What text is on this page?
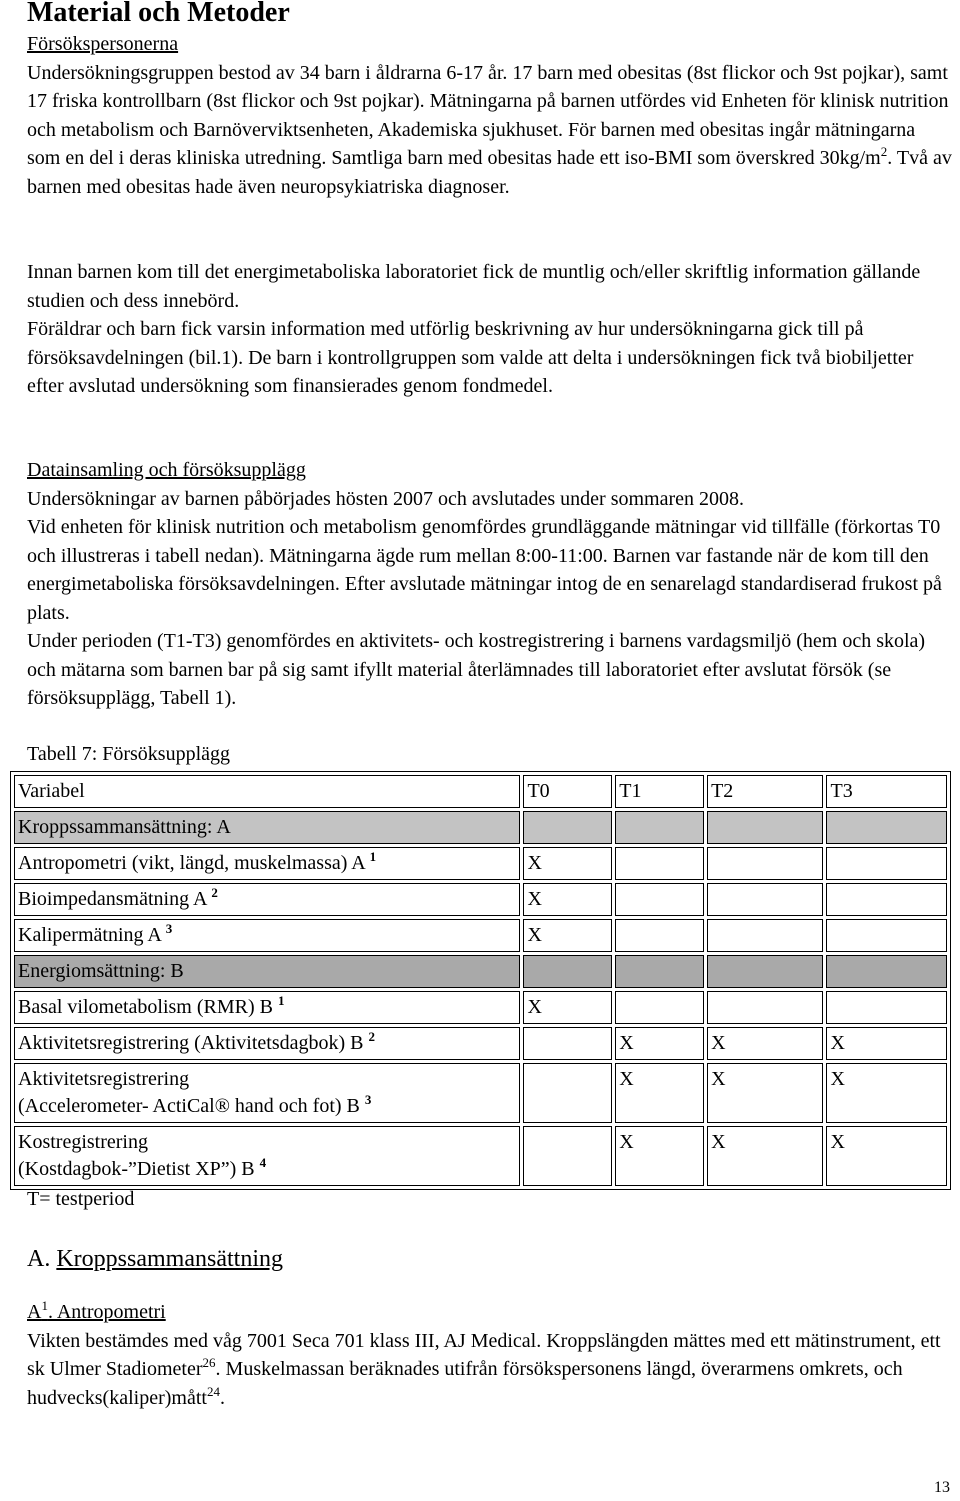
Material och Metoder
Försökspersonerna
Undersökningsgruppen bestod av 34 barn i åldrarna 6-17 år. 17 barn med obesitas (8st flickor och 9st pojkar), samt 17 friska kontrollbarn (8st flickor och 9st pojkar). Mätningarna på barnen utfördes vid Enheten för klinisk nutrition och metabolism och Barnöverviktsenheten, Akademiska sjukhuset. För barnen med obesitas ingår mätningarna som en del i deras kliniska utredning. Samtliga barn med obesitas hade ett iso-BMI som överskred $30kg/m^2$. Två av barnen med obesitas hade även neuropsykiatriska diagnoser.
Innan barnen kom till det energimetaboliska laboratoriet fick de muntlig och/eller skriftlig information gällande studien och dess innebörd.
Föräldrar och barn fick varsin information med utförlig beskrivning av hur undersökningarna gick till på försöksavdelningen (bil.1). De barn i kontrollgruppen som valde att delta i undersökningen fick två biobiljetter efter avslutad undersökning som finansierades genom fondmedel.
Datainsamling och försöksupplägg
Undersökningar av barnen påbörjades hösten 2007 och avslutades under sommaren 2008.
Vid enheten för klinisk nutrition och metabolism genomfördes grundläggande mätningar vid tillfälle (förkortas T0 och illustreras i tabell nedan). Mätningarna ägde rum mellan 8:00-11:00. Barnen var fastande när de kom till den energimetaboliska försöksavdelningen. Efter avslutade mätningar intog de en senarelagd standardiserad frukost på plats.
Under perioden (T1-T3) genomfördes en aktivitets- och kostregistrering i barnens vardagsmiljö (hem och skola) och mätarna som barnen bar på sig samt ifyllt material återlämnades till laboratoriet efter avslutat försök (se försöksupplägg, Tabell 1).
Tabell 7: Försöksupplägg
Variabel	T0	T1	T2	T3

Kroppssammansättning: A				

Antropometri (vikt, längd, muskelmassa) A $^1$	X			

Bioimpedansmätning A $^2$	X			

Kalipermätning A $^3$	X			

Energiomsättning: B				

Basal vilometabolism (RMR) B $^1$	X			

Aktivitetsregistrering (Aktivitetsdagbok) B $^2$		X	X	X

Aktivitetsregistrering
(Accelerometer- ActiCal® hand och fot) B $^3$		X	X	X

Kostregistrering
(Kostdagbok-”Dietist XP”) B $^4$		X	X	X
T= testperiod
A. Kroppssammansättning
$A^1$. Antropometri
Vikten bestämdes med våg 7001 Seca 701 klass III, AJ Medical. Kroppslängden mättes med ett mätinstrument, ett sk Ulmer Stadiometer$^{26}$. Muskelmassan beräknades utifrån försökspersonens längd, överarmens omkrets, och hudvecks(kaliper)mått$^{24}$.
13
